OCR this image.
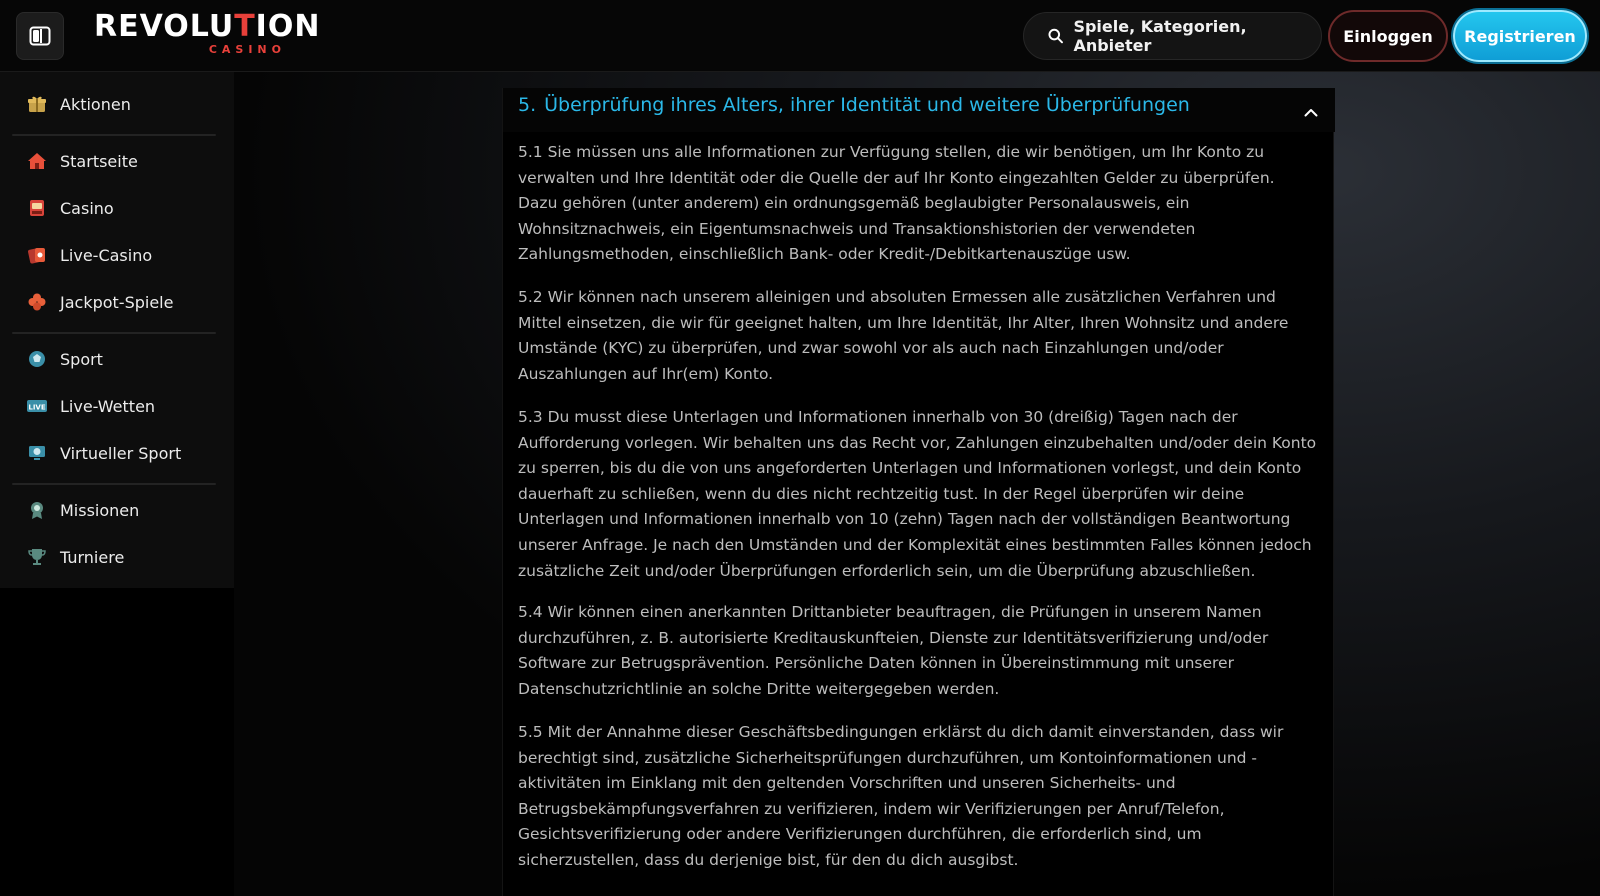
REVOLUTION
CASINO
Spiele, Kategorien, Anbieter	Einloggen	Registrieren
Aktionen
Startseite
Casino
Live-Casino
Jackpot-Spiele
Sport
LIVE Live-Wetten
Virtueller Sport
Missionen
Turniere
5. Überprüfung ihres Alters, ihrer Identität und weitere Überprüfungen

5.1 Sie müssen uns alle Informationen zur Verfügung stellen, die wir benötigen, um Ihr Konto zu verwalten und Ihre Identität oder die Quelle der auf Ihr Konto eingezahlten Gelder zu überprüfen. Dazu gehören (unter anderem) ein ordnungsgemäß beglaubigter Personalausweis, ein Wohnsitznachweis, ein Eigentumsnachweis und Transaktionshistorien der verwendeten Zahlungsmethoden, einschließlich Bank- oder Kredit-/Debitkartenauszüge usw.

5.2 Wir können nach unserem alleinigen und absoluten Ermessen alle zusätzlichen Verfahren und Mittel einsetzen, die wir für geeignet halten, um Ihre Identität, Ihr Alter, Ihren Wohnsitz und andere Umstände (KYC) zu überprüfen, und zwar sowohl vor als auch nach Einzahlungen und/oder Auszahlungen auf Ihr(em) Konto.

5.3 Du musst diese Unterlagen und Informationen innerhalb von 30 (dreißig) Tagen nach der Aufforderung vorlegen. Wir behalten uns das Recht vor, Zahlungen einzubehalten und/oder dein Konto zu sperren, bis du die von uns angeforderten Unterlagen und Informationen vorlegst, und dein Konto dauerhaft zu schließen, wenn du dies nicht rechtzeitig tust. In der Regel überprüfen wir deine Unterlagen und Informationen innerhalb von 10 (zehn) Tagen nach der vollständigen Beantwortung unserer Anfrage. Je nach den Umständen und der Komplexität eines bestimmten Falles können jedoch zusätzliche Zeit und/oder Überprüfungen erforderlich sein, um die Überprüfung abzuschließen.

5.4 Wir können einen anerkannten Drittanbieter beauftragen, die Prüfungen in unserem Namen durchzuführen, z. B. autorisierte Kreditauskunfteien, Dienste zur Identitätsverifizierung und/oder Software zur Betrugsprävention. Persönliche Daten können in Übereinstimmung mit unserer Datenschutzrichtlinie an solche Dritte weitergegeben werden.

5.5 Mit der Annahme dieser Geschäftsbedingungen erklärst du dich damit einverstanden, dass wir berechtigt sind, zusätzliche Sicherheitsprüfungen durchzuführen, um Kontoinformationen und -aktivitäten im Einklang mit den geltenden Vorschriften und unseren Sicherheits- und Betrugsbekämpfungsverfahren zu verifizieren, indem wir Verifizierungen per Anruf/Telefon, Gesichtsverifizierung oder andere Verifizierungen durchführen, die erforderlich sind, um sicherzustellen, dass du derjenige bist, für den du dich ausgibst.
